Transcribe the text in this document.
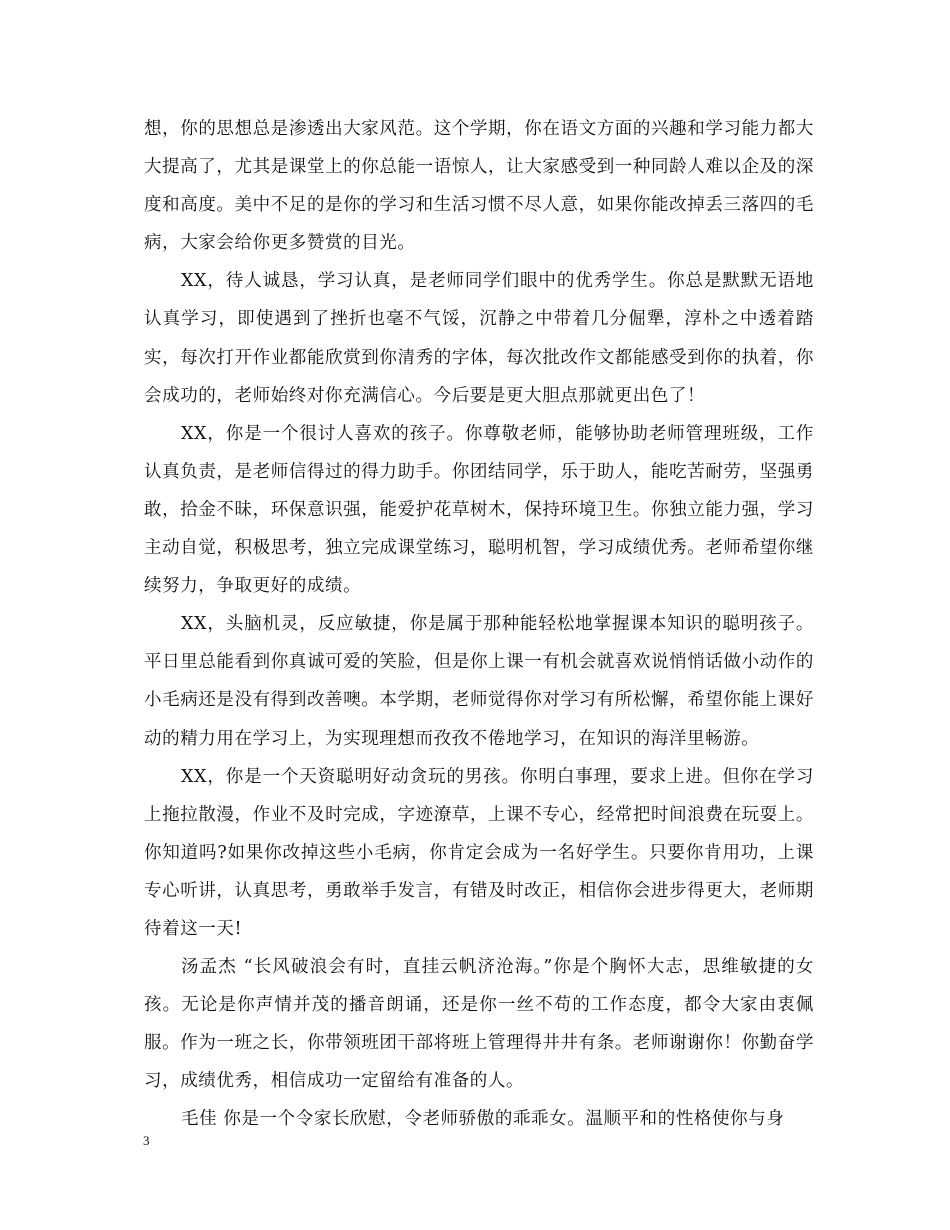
想，你的思想总是渗透出大家风范。这个学期，你在语文方面的兴趣和学习能力都大大提高了，尤其是课堂上的你总能一语惊人，让大家感受到一种同龄人难以企及的深度和高度。美中不足的是你的学习和生活习惯不尽人意，如果你能改掉丢三落四的毛病，大家会给你更多赞赏的目光。

XX，待人诚恳，学习认真，是老师同学们眼中的优秀学生。你总是默默无语地认真学习，即使遇到了挫折也毫不气馁，沉静之中带着几分倔犟，淳朴之中透着踏实，每次打开作业都能欣赏到你清秀的字体，每次批改作文都能感受到你的执着，你会成功的，老师始终对你充满信心。今后要是更大胆点那就更出色了！

XX，你是一个很讨人喜欢的孩子。你尊敬老师，能够协助老师管理班级，工作认真负责，是老师信得过的得力助手。你团结同学，乐于助人，能吃苦耐劳，坚强勇敢，拾金不昧，环保意识强，能爱护花草树木，保持环境卫生。你独立能力强，学习主动自觉，积极思考，独立完成课堂练习，聪明机智，学习成绩优秀。老师希望你继续努力，争取更好的成绩。

XX，头脑机灵，反应敏捷，你是属于那种能轻松地掌握课本知识的聪明孩子。平日里总能看到你真诚可爱的笑脸，但是你上课一有机会就喜欢说悄悄话做小动作的小毛病还是没有得到改善噢。本学期，老师觉得你对学习有所松懈，希望你能上课好动的精力用在学习上，为实现理想而孜孜不倦地学习，在知识的海洋里畅游。

XX，你是一个天资聪明好动贪玩的男孩。你明白事理，要求上进。但你在学习上拖拉散漫，作业不及时完成，字迹潦草，上课不专心，经常把时间浪费在玩耍上。你知道吗?如果你改掉这些小毛病，你肯定会成为一名好学生。只要你肯用功，上课专心听讲，认真思考，勇敢举手发言，有错及时改正，相信你会进步得更大，老师期待着这一天!

汤孟杰 “长风破浪会有时，直挂云帆济沧海。”你是个胸怀大志，思维敏捷的女孩。无论是你声情并茂的播音朗诵，还是你一丝不苟的工作态度，都令大家由衷佩服。作为一班之长，你带领班团干部将班上管理得井井有条。老师谢谢你！你勤奋学习，成绩优秀，相信成功一定留给有准备的人。

毛佳 你是一个令家长欣慰，令老师骄傲的乖乖女。温顺平和的性格使你与身

3
